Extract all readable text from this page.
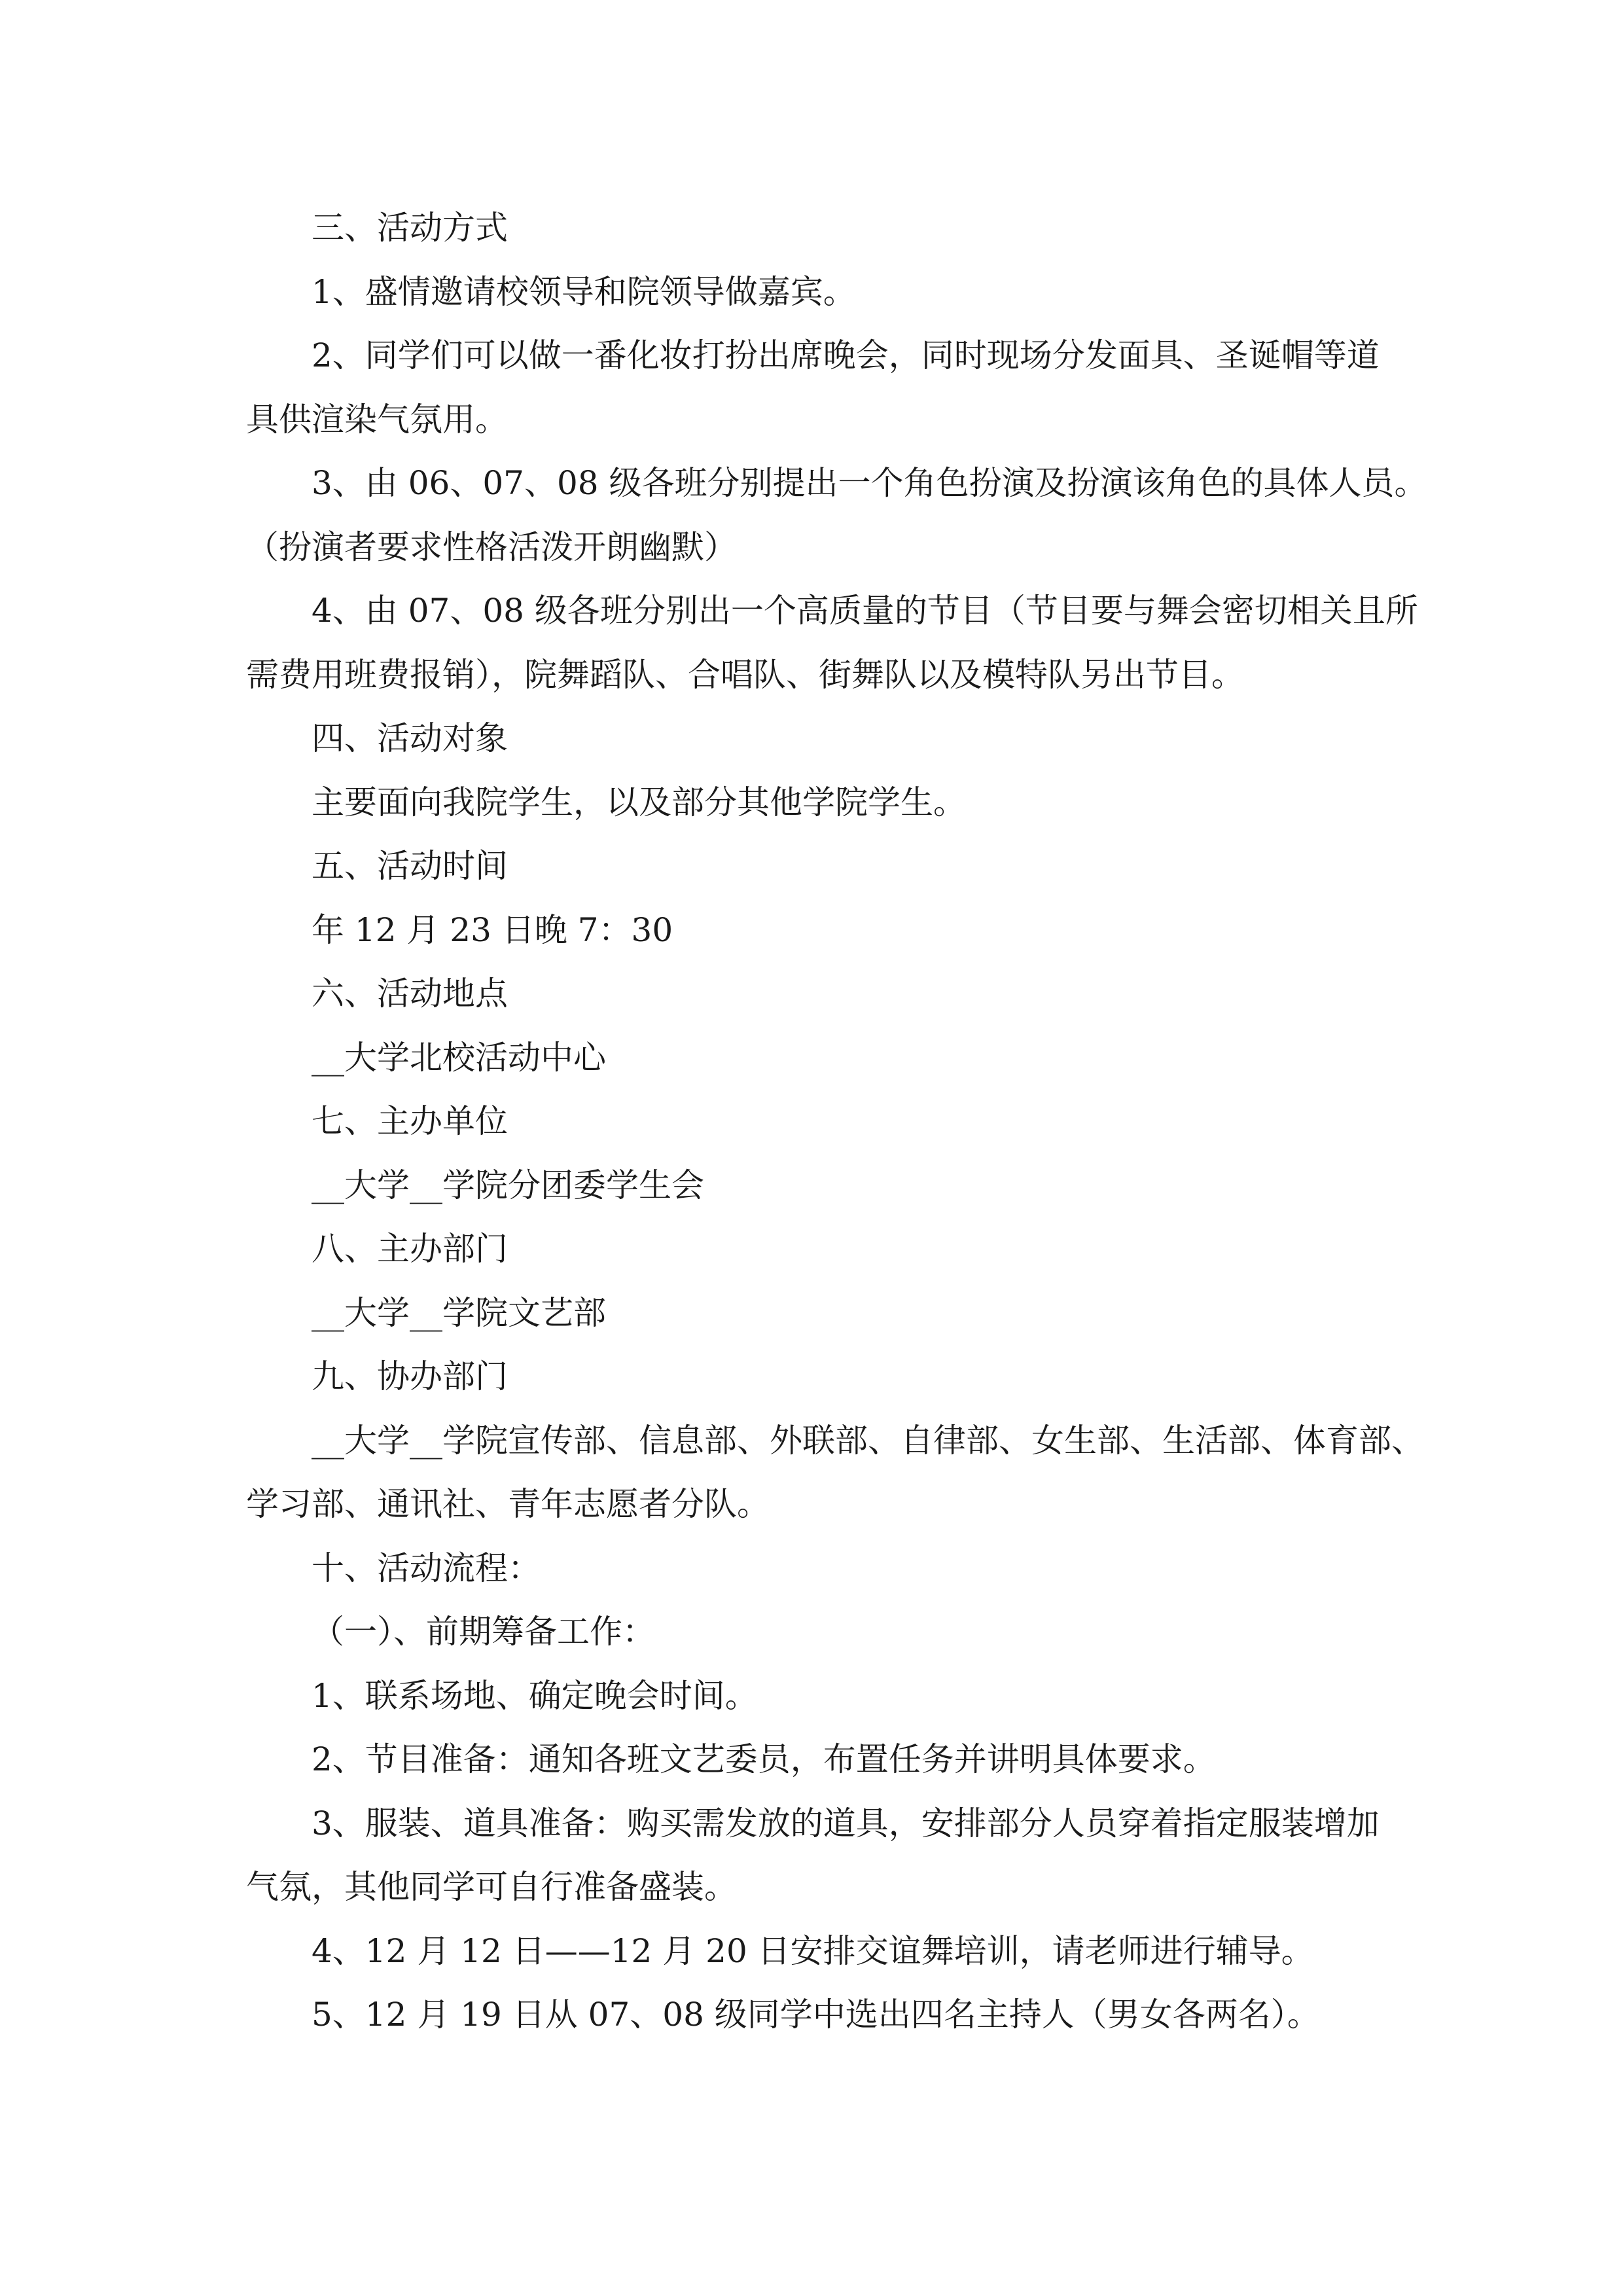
三、活动方式
1、盛情邀请校领导和院领导做嘉宾。
2、同学们可以做一番化妆打扮出席晚会，同时现场分发面具、圣诞帽等道
具供渲染气氛用。
3、由 06、07、08 级各班分别提出一个角色扮演及扮演该角色的具体人员。
（扮演者要求性格活泼开朗幽默）
4、由 07、08 级各班分别出一个高质量的节目（节目要与舞会密切相关且所
需费用班费报销），院舞蹈队、合唱队、街舞队以及模特队另出节目。
四、活动对象
主要面向我院学生，以及部分其他学院学生。
五、活动时间
年 12 月 23 日晚 7：30
六、活动地点
__大学北校活动中心
七、主办单位
__大学__学院分团委学生会
八、主办部门
__大学__学院文艺部
九、协办部门
__大学__学院宣传部、信息部、外联部、自律部、女生部、生活部、体育部、
学习部、通讯社、青年志愿者分队。
十、活动流程：
（一）、前期筹备工作：
1、联系场地、确定晚会时间。
2、节目准备：通知各班文艺委员，布置任务并讲明具体要求。
3、服装、道具准备：购买需发放的道具，安排部分人员穿着指定服装增加
气氛，其他同学可自行准备盛装。
4、12 月 12 日——12 月 20 日安排交谊舞培训，请老师进行辅导。
5、12 月 19 日从 07、08 级同学中选出四名主持人（男女各两名）。
